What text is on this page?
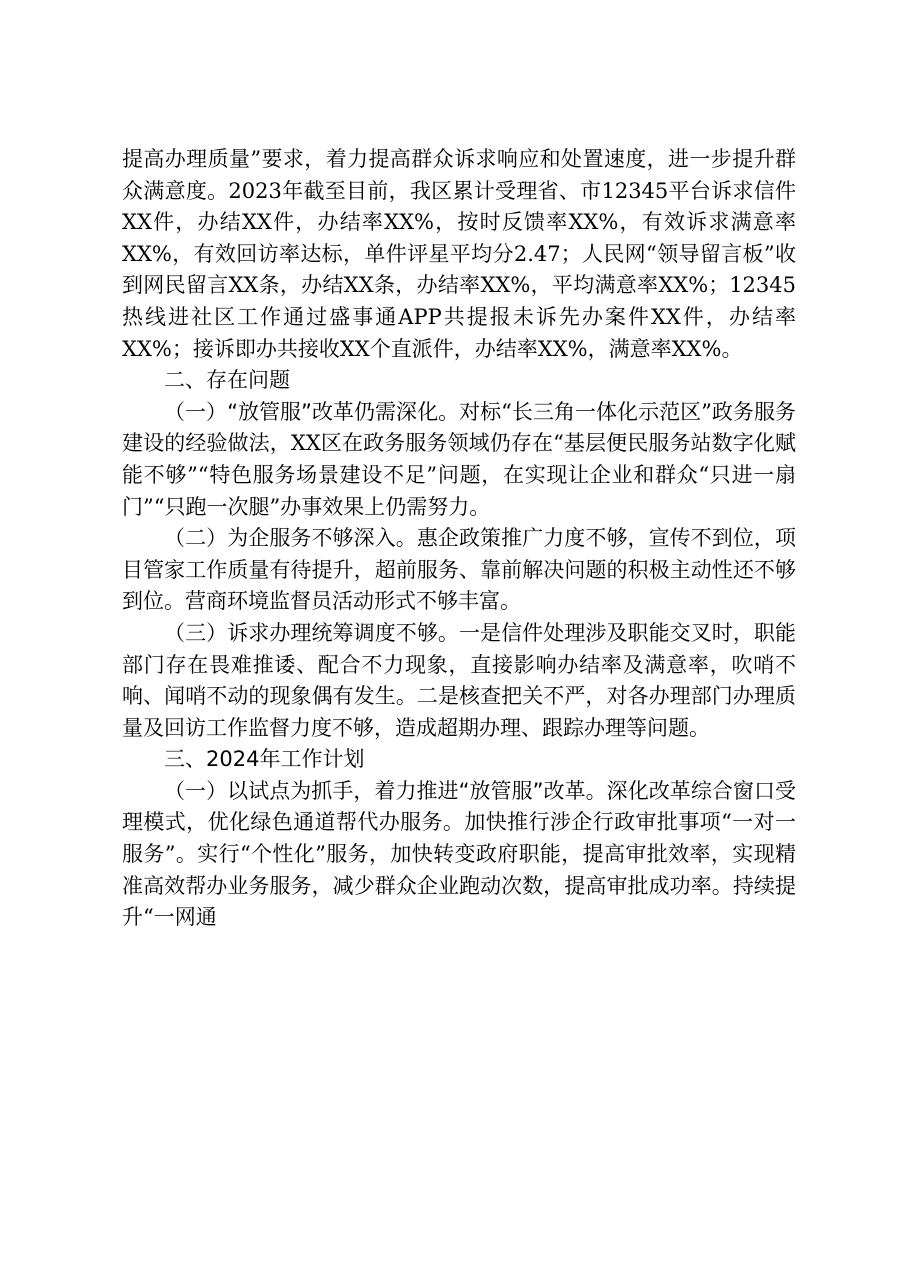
提高办理质量”要求，着力提高群众诉求响应和处置速度，进一步提升群众满意度。2023年截至目前，我区累计受理省、市12345平台诉求信件XX件，办结XX件，办结率XX%，按时反馈率XX%，有效诉求满意率XX%，有效回访率达标，单件评星平均分2.47；人民网“领导留言板”收到网民留言XX条，办结XX条，办结率XX%，平均满意率XX%；12345热线进社区工作通过盛事通APP共提报未诉先办案件XX件，办结率XX%；接诉即办共接收XX个直派件，办结率XX%，满意率XX%。

二、存在问题

（一）“放管服”改革仍需深化。对标“长三角一体化示范区”政务服务建设的经验做法，XX区在政务服务领域仍存在“基层便民服务站数字化赋能不够”“特色服务场景建设不足”问题，在实现让企业和群众“只进一扇门”“只跑一次腿”办事效果上仍需努力。

（二）为企服务不够深入。惠企政策推广力度不够，宣传不到位，项目管家工作质量有待提升，超前服务、靠前解决问题的积极主动性还不够到位。营商环境监督员活动形式不够丰富。

（三）诉求办理统筹调度不够。一是信件处理涉及职能交叉时，职能部门存在畏难推诿、配合不力现象，直接影响办结率及满意率，吹哨不响、闻哨不动的现象偶有发生。二是核查把关不严，对各办理部门办理质量及回访工作监督力度不够，造成超期办理、跟踪办理等问题。

三、2024年工作计划

（一）以试点为抓手，着力推进“放管服”改革。深化改革综合窗口受理模式，优化绿色通道帮代办服务。加快推行涉企行政审批事项“一对一服务”。实行“个性化”服务，加快转变政府职能，提高审批效率，实现精准高效帮办业务服务，减少群众企业跑动次数，提高审批成功率。持续提升“一网通
